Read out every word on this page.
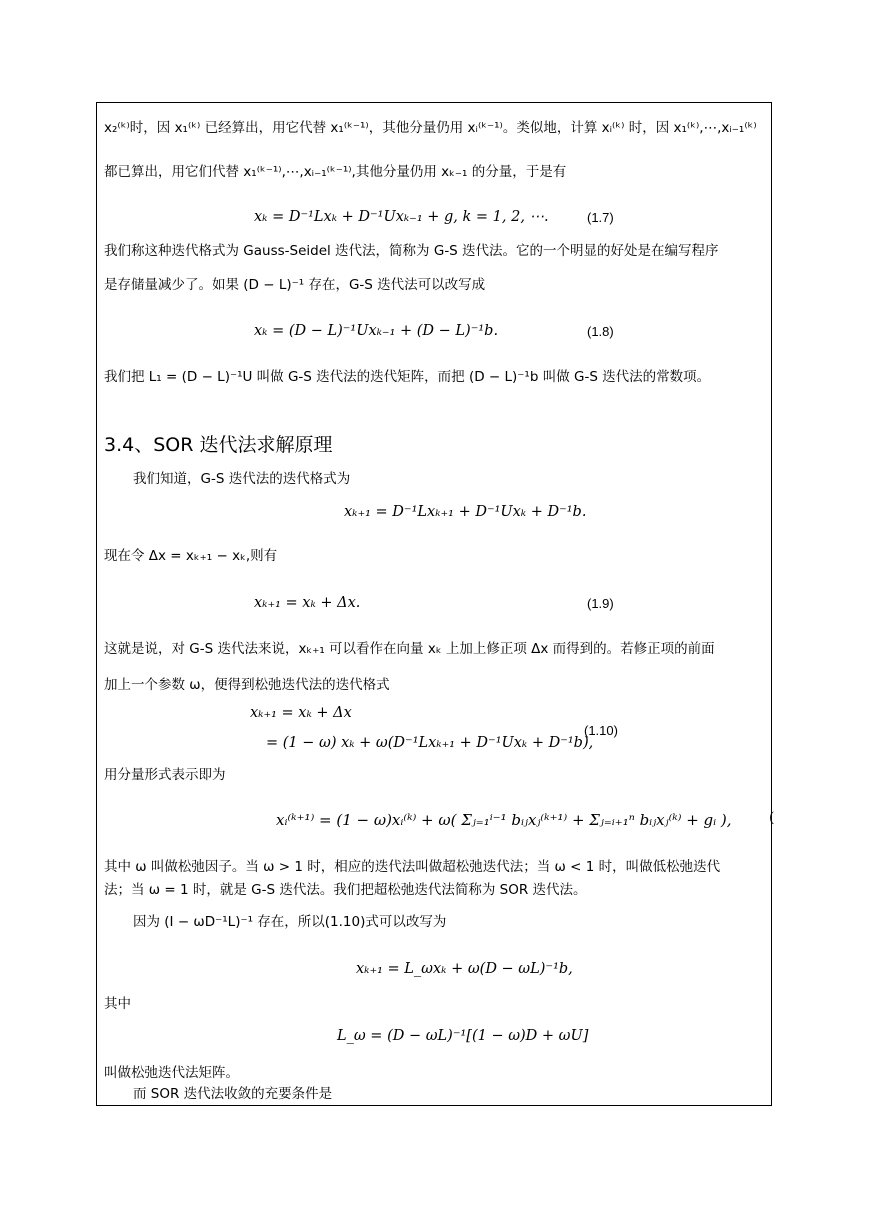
x₂⁽ᵏ⁾时，因 x₁⁽ᵏ⁾ 已经算出，用它代替 x₁⁽ᵏ⁻¹⁾，其他分量仍用 xᵢ⁽ᵏ⁻¹⁾。类似地，计算 xᵢ⁽ᵏ⁾ 时，因 x₁⁽ᵏ⁾,⋯,xᵢ₋₁⁽ᵏ⁾
都已算出，用它们代替 x₁⁽ᵏ⁻¹⁾,⋯,xᵢ₋₁⁽ᵏ⁻¹⁾,其他分量仍用 xₖ₋₁ 的分量，于是有
xₖ = D⁻¹Lxₖ + D⁻¹Uxₖ₋₁ + g, k = 1, 2, ⋯.	(1.7)
我们称这种迭代格式为 Gauss-Seidel 迭代法，简称为 G-S 迭代法。它的一个明显的好处是在编写程序
是存储量减少了。如果 (D − L)⁻¹ 存在，G-S 迭代法可以改写成
xₖ = (D − L)⁻¹Uxₖ₋₁ + (D − L)⁻¹b.	(1.8)
我们把 L₁ = (D − L)⁻¹U 叫做 G-S 迭代法的迭代矩阵，而把 (D − L)⁻¹b 叫做 G-S 迭代法的常数项。
3.4、SOR 迭代法求解原理
我们知道，G-S 迭代法的迭代格式为
xₖ₊₁ = D⁻¹Lxₖ₊₁ + D⁻¹Uxₖ + D⁻¹b.
现在令 Δx = xₖ₊₁ − xₖ,则有
xₖ₊₁ = xₖ + Δx.	(1.9)
这就是说，对 G-S 迭代法来说，xₖ₊₁ 可以看作在向量 xₖ 上加上修正项 Δx 而得到的。若修正项的前面
加上一个参数 ω，便得到松弛迭代法的迭代格式
xₖ₊₁ = xₖ + Δx
= (1 − ω) xₖ + ω(D⁻¹Lxₖ₊₁ + D⁻¹Uxₖ + D⁻¹b),
(1.10)
用分量形式表示即为
xᵢ⁽ᵏ⁺¹⁾ = (1 − ω)xᵢ⁽ᵏ⁾ + ω( Σⱼ₌₁ⁱ⁻¹ bᵢⱼxⱼ⁽ᵏ⁺¹⁾ + Σⱼ₌ᵢ₊₁ⁿ bᵢⱼxⱼ⁽ᵏ⁾ + gᵢ ),	(
其中 ω 叫做松弛因子。当 ω > 1 时，相应的迭代法叫做超松弛迭代法；当 ω < 1 时，叫做低松弛迭代
法；当 ω = 1 时，就是 G-S 迭代法。我们把超松弛迭代法简称为 SOR 迭代法。
因为 (I − ωD⁻¹L)⁻¹ 存在，所以(1.10)式可以改写为
xₖ₊₁ = L_ωxₖ + ω(D − ωL)⁻¹b,
其中
L_ω = (D − ωL)⁻¹[(1 − ω)D + ωU]
叫做松弛迭代法矩阵。
而 SOR 迭代法收敛的充要条件是
